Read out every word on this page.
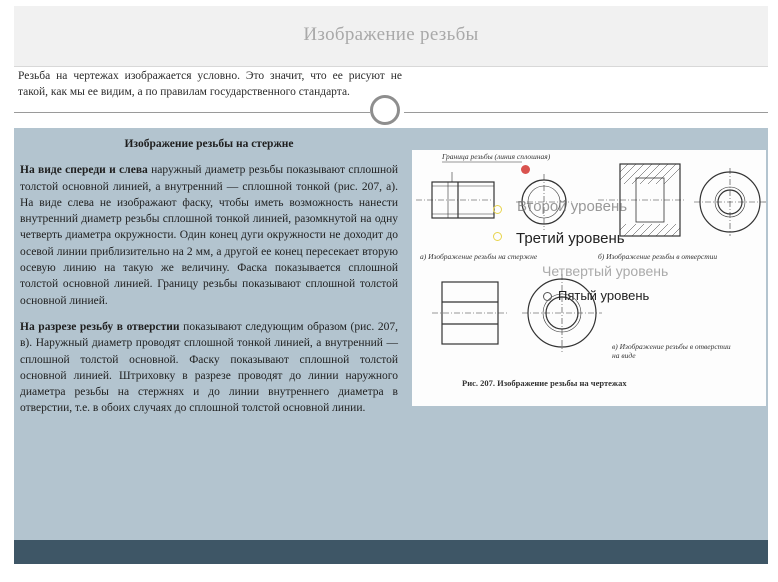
Изображение резьбы
Резьба на чертежах изображается условно. Это значит, что ее рисуют не такой, как мы ее видим, а по правилам государственного стандарта.

Изображение резьбы на стержне

На виде спереди и слева наружный диаметр резьбы показывают сплошной толстой основной линией, а внутренний — сплошной тонкой (рис. 207, а). На виде слева не изображают фаску, чтобы иметь возможность нанести внутренний диаметр резьбы сплошной тонкой линией, разомкнутой на одну четверть диаметра окружности. Один конец дуги окружности не доходит до осевой линии приблизительно на 2 мм, а другой ее конец пересекает вторую осевую линию на такую же величину. Фаска показывается сплошной толстой основной линией. Границу резьбы показывают сплошной толстой основной линией.

На разрезе резьбу в отверстии показывают следующим образом (рис. 207, в). Наружный диаметр проводят сплошной тонкой линией, а внутренний — сплошной толстой основной. Фаску показывают сплошной толстой основной линией. Штриховку в разрезе проводят до линии наружного диаметра резьбы на стержнях и до линии внутреннего диаметра в отверстии, т.е. в обоих случаях до сплошной толстой основной линии.

Граница резьбы (линия сплошная)
а) Изображение резьбы на стержне	б) Изображение резьбы в отверстии
в) Изображение резьбы в отверстии на виде
Рис. 207. Изображение резьбы на чертежах
Второй уровень
Третий уровень
Четвертый уровень
Пятый уровень
